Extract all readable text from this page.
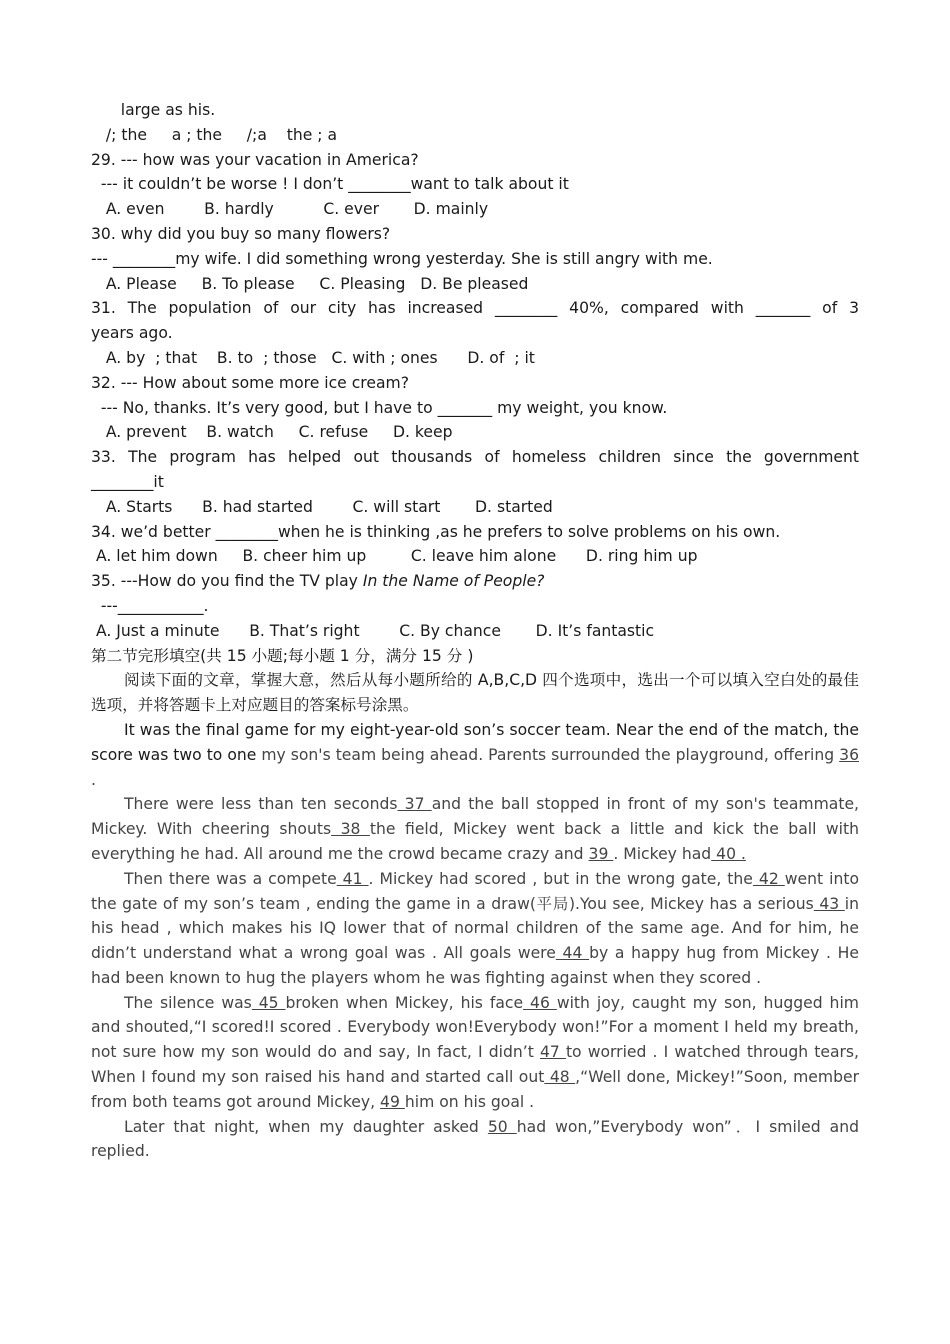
large as his.
/; the     a ; the     /;a    the ; a
29. --- how was your vacation in America?
--- it couldn’t be worse ! I don’t ________want to talk about it
A. even        B. hardly          C. ever       D. mainly
30. why did you buy so many flowers?
--- ________my wife. I did something wrong yesterday. She is still angry with me.
A. Please     B. To please     C. Pleasing   D. Be pleased
31. The population of our city has increased ________ 40%, compared with _______ of 3
years ago.
A. by  ; that    B. to  ; those   C. with ; ones      D. of  ; it
32. --- How about some more ice cream?
--- No, thanks. It’s very good, but I have to _______ my weight, you know.
A. prevent    B. watch     C. refuse     D. keep
33. The program has helped out thousands of homeless children since the government
________it
A. Starts      B. had started        C. will start       D. started
34. we’d better ________when he is thinking ,as he prefers to solve problems on his own.
A. let him down     B. cheer him up         C. leave him alone      D. ring him up
35. ---How do you find the TV play In the Name of People?
---___________.
A. Just a minute      B. That’s right        C. By chance       D. It’s fantastic
第二节完形填空(共 15 小题;每小题 1 分，满分 15 分 )
阅读下面的文章，掌握大意，然后从每小题所给的 A,B,C,D 四个选项中，选出一个可以填入空白处的最佳选项，并将答题卡上对应题目的答案标号涂黑。
It was the final game for my eight-year-old son’s soccer team. Near the end of the match, the score was two to one my son's team being ahead. Parents surrounded the playground, offering 36 .
There were less than ten seconds 37 and the ball stopped in front of my son's teammate, Mickey. With cheering shouts 38 the field, Mickey went back a little and kick the ball with everything he had. All around me the crowd became crazy and 39 . Mickey had 40 .
Then there was a compete 41 . Mickey had scored , but in the wrong gate, the 42 went into the gate of my son’s team , ending the game in a draw(平局).You see, Mickey has a serious 43 in his head , which makes his IQ lower that of normal children of the same age. And for him, he didn’t understand what a wrong goal was . All goals were 44 by a happy hug from Mickey . He had been known to hug the players whom he was fighting against when they scored .
The silence was 45 broken when Mickey, his face 46 with joy, caught my son, hugged him and shouted,“I scored!I scored . Everybody won!Everybody won!”For a moment I held my breath, not sure how my son would do and say, In fact, I didn’t 47 to worried . I watched through tears, When I found my son raised his hand and started call out 48 ,“Well done, Mickey!”Soon, member from both teams got around Mickey, 49 him on his goal .
Later that night, when my daughter asked 50 had won,”Everybody won”．I smiled and replied.
